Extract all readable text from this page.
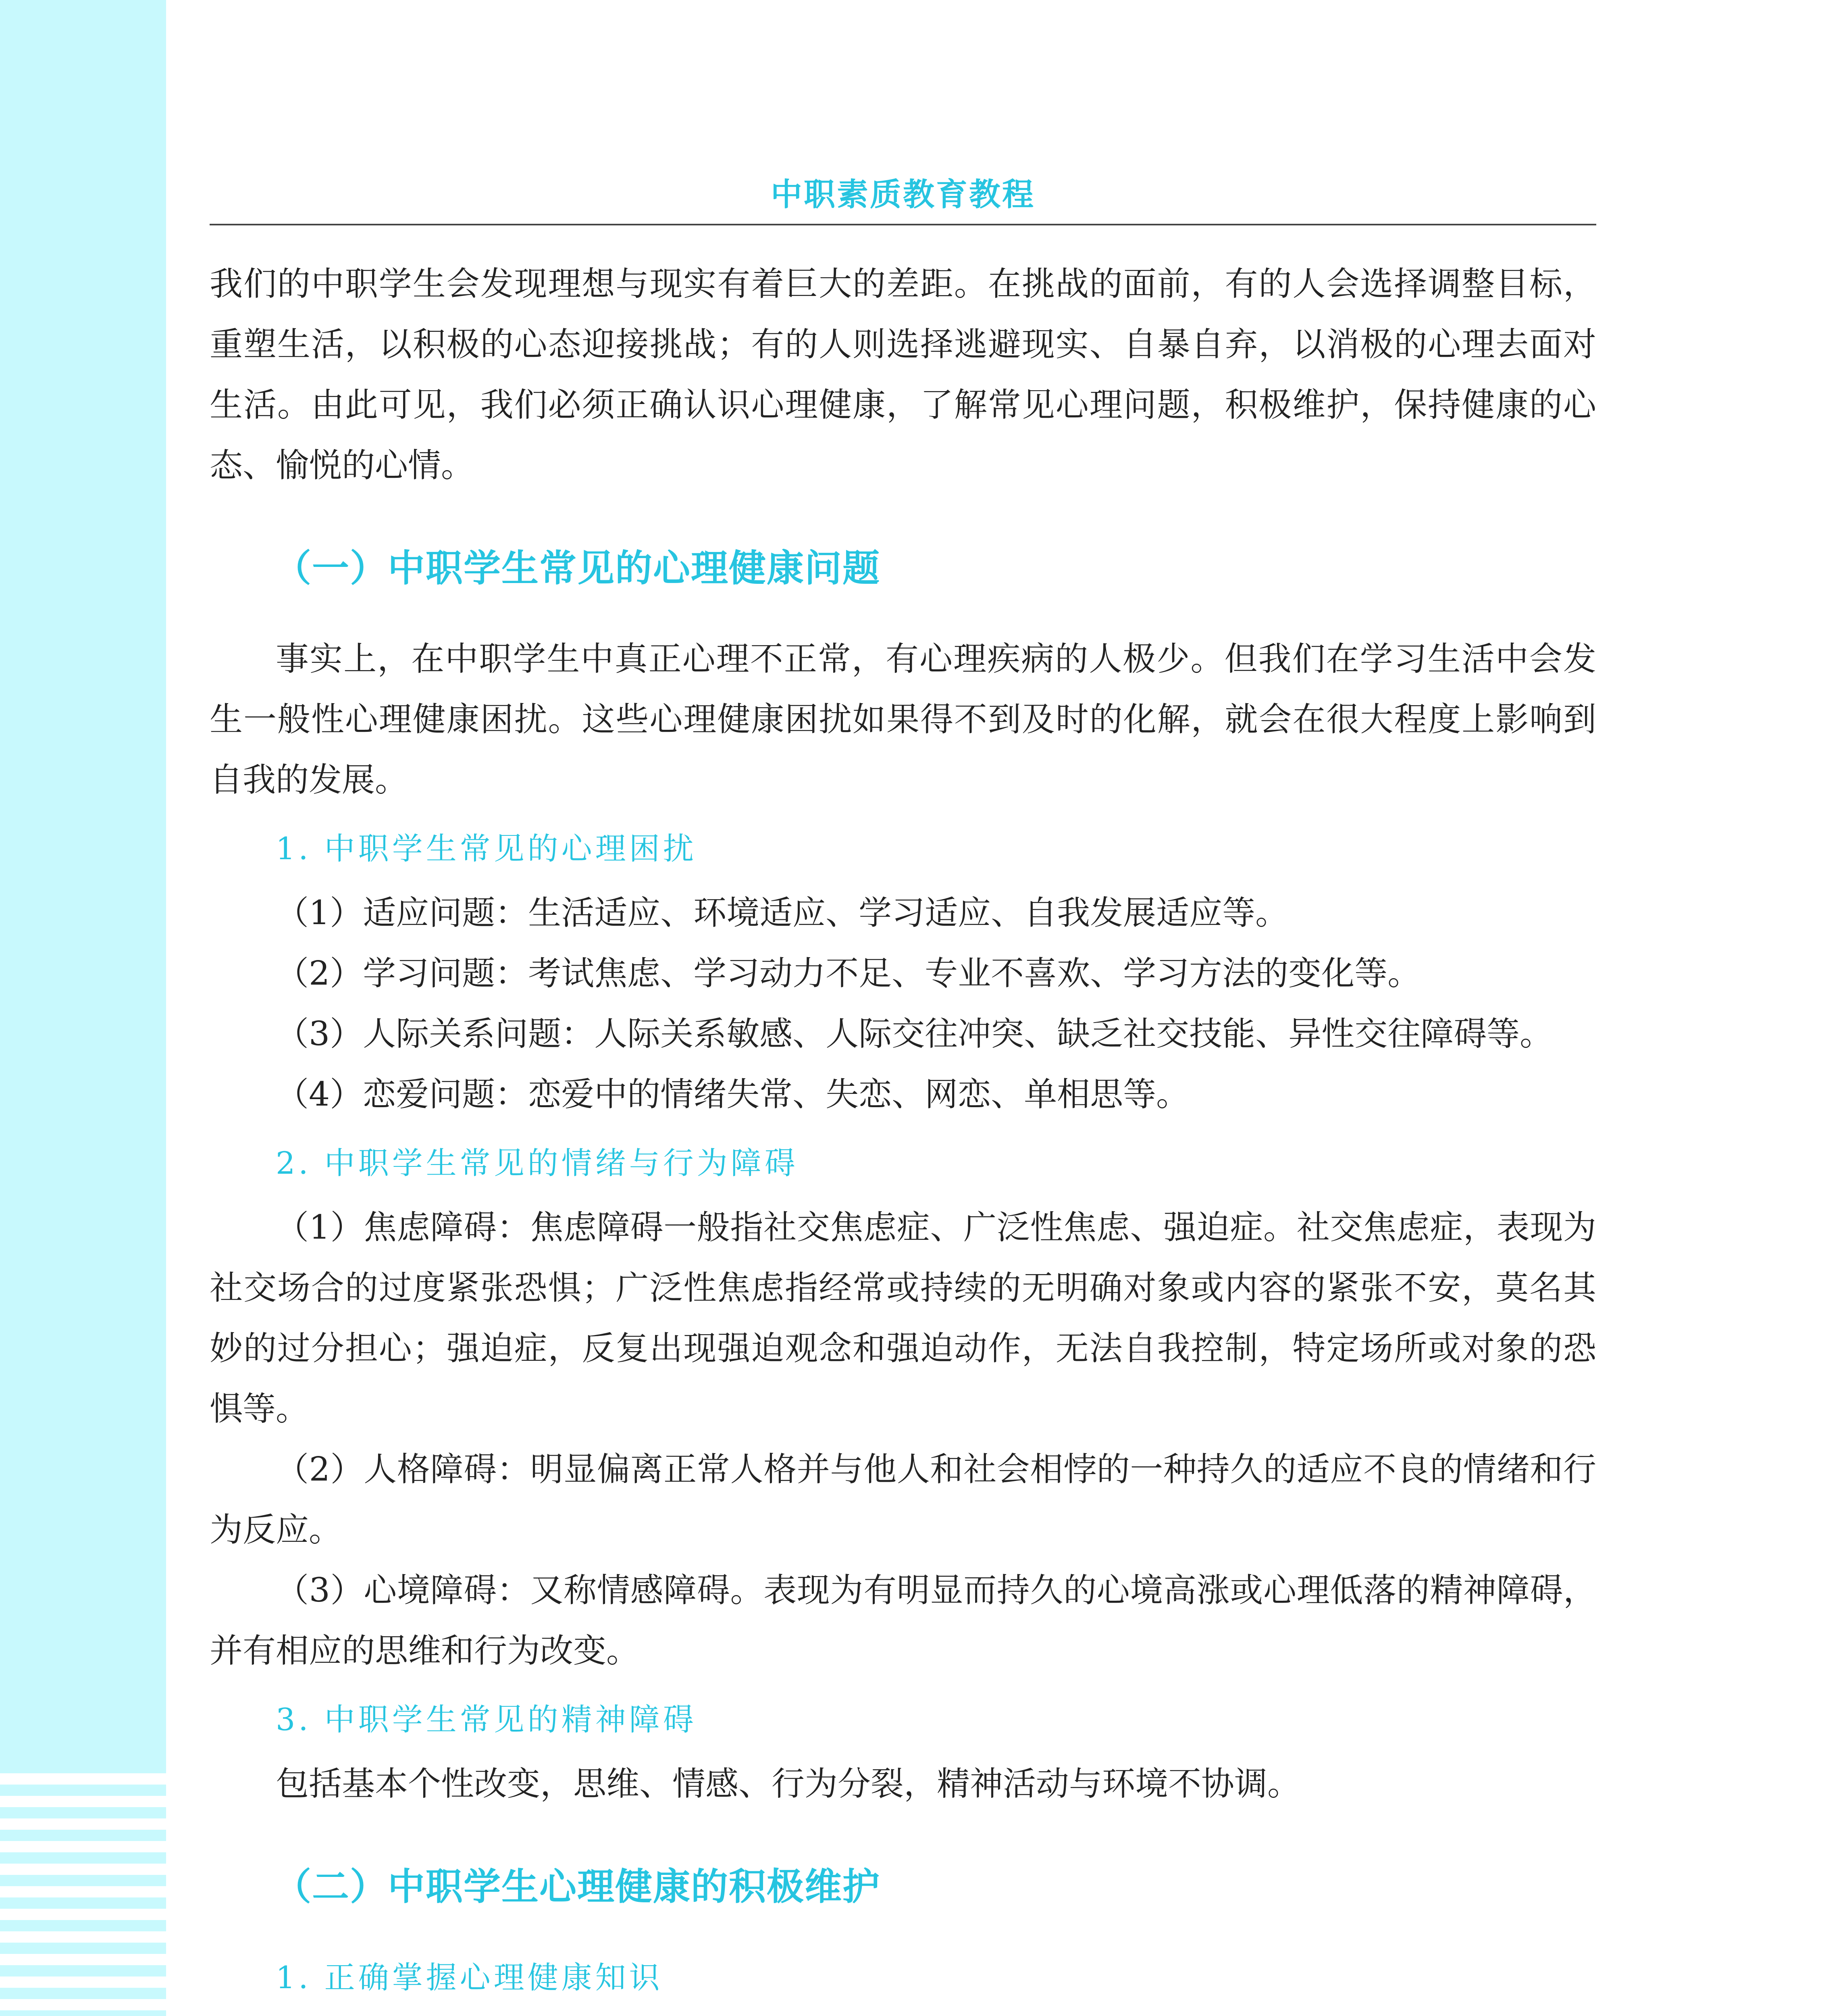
中职素质教育教程

我们的中职学生会发现理想与现实有着巨大的差距。在挑战的面前，有的人会选择调整目标，重塑生活，以积极的心态迎接挑战；有的人则选择逃避现实、自暴自弃，以消极的心理去面对生活。由此可见，我们必须正确认识心理健康，了解常见心理问题，积极维护，保持健康的心态、愉悦的心情。

（一）中职学生常见的心理健康问题

事实上，在中职学生中真正心理不正常，有心理疾病的人极少。但我们在学习生活中会发生一般性心理健康困扰。这些心理健康困扰如果得不到及时的化解，就会在很大程度上影响到自我的发展。

1. 中职学生常见的心理困扰

（1）适应问题：生活适应、环境适应、学习适应、自我发展适应等。

（2）学习问题：考试焦虑、学习动力不足、专业不喜欢、学习方法的变化等。

（3）人际关系问题：人际关系敏感、人际交往冲突、缺乏社交技能、异性交往障碍等。

（4）恋爱问题：恋爱中的情绪失常、失恋、网恋、单相思等。

2. 中职学生常见的情绪与行为障碍

（1）焦虑障碍：焦虑障碍一般指社交焦虑症、广泛性焦虑、强迫症。社交焦虑症，表现为社交场合的过度紧张恐惧；广泛性焦虑指经常或持续的无明确对象或内容的紧张不安，莫名其妙的过分担心；强迫症，反复出现强迫观念和强迫动作，无法自我控制，特定场所或对象的恐惧等。

（2）人格障碍：明显偏离正常人格并与他人和社会相悖的一种持久的适应不良的情绪和行为反应。

（3）心境障碍：又称情感障碍。表现为有明显而持久的心境高涨或心理低落的精神障碍，并有相应的思维和行为改变。

3. 中职学生常见的精神障碍

包括基本个性改变，思维、情感、行为分裂，精神活动与环境不协调。

（二）中职学生心理健康的积极维护
1. 正确掌握心理健康知识
